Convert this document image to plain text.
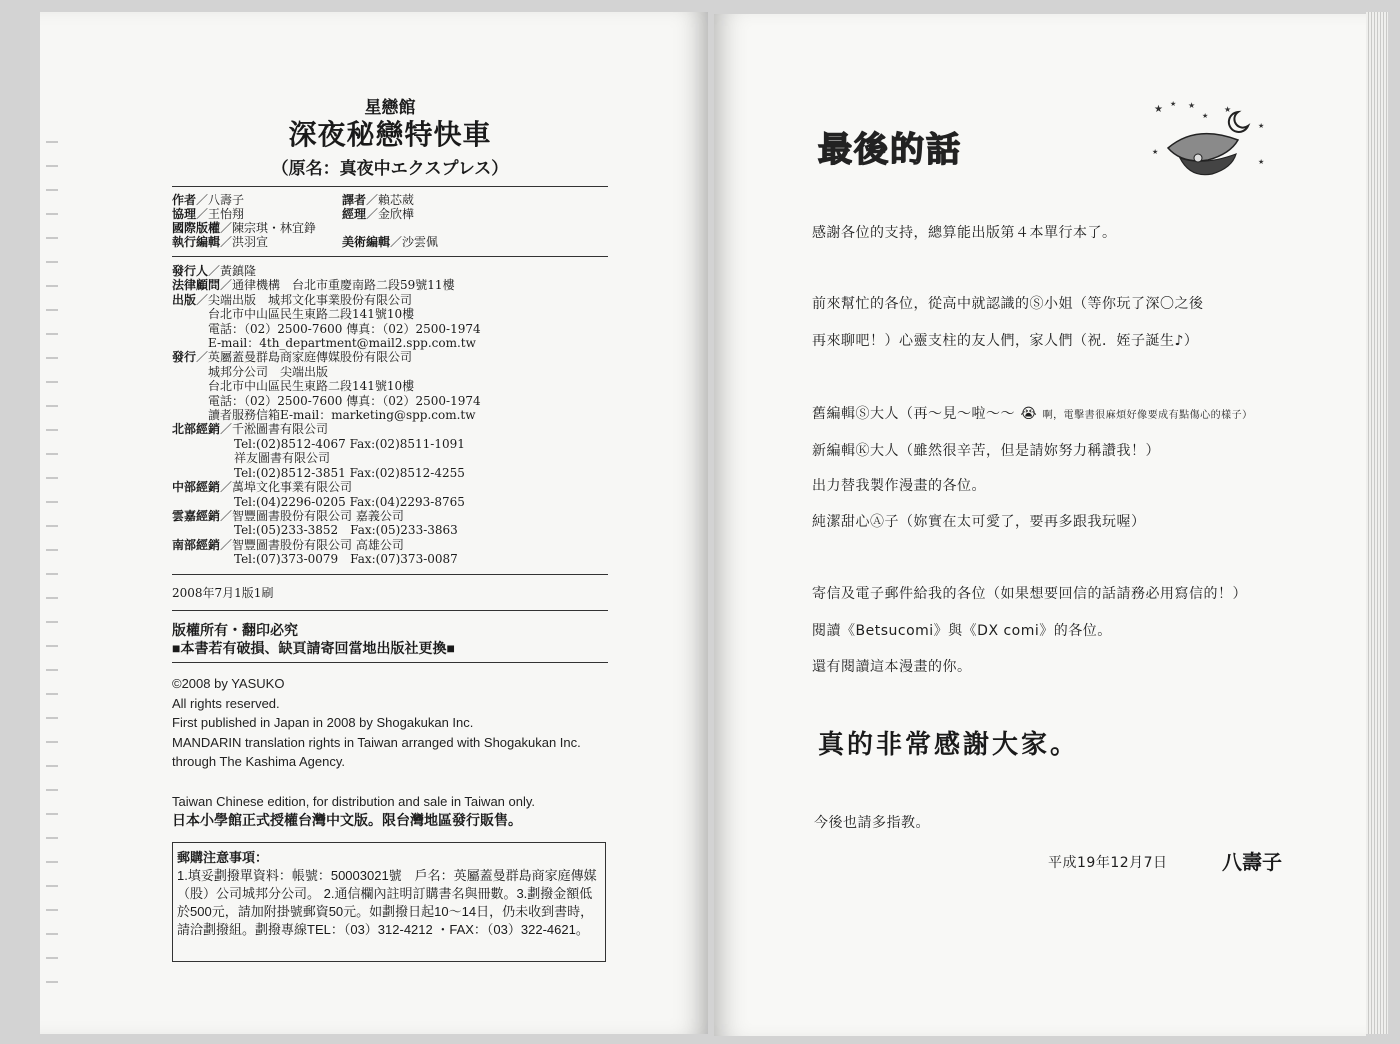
星戀館
深夜秘戀特快車
（原名：真夜中エクスプレス）
作者／八壽子	譯者／賴芯葳
協理／王怡翔	經理／金欣樺
國際版權／陳宗琪・林宜錚
執行編輯／洪羽宣	美術編輯／沙雲佩
發行人／黃鎮隆
法律顧問／通律機構　台北市重慶南路二段59號11樓
出版／尖端出版　城邦文化事業股份有限公司
台北市中山區民生東路二段141號10樓
電話：（02）2500-7600 傳真：（02）2500-1974
E-mail：4th_department@mail2.spp.com.tw
發行／英屬蓋曼群島商家庭傳媒股份有限公司
城邦分公司　尖端出版
台北市中山區民生東路二段141號10樓
電話：（02）2500-7600 傳真：（02）2500-1974
讀者服務信箱E-mail：marketing@spp.com.tw
北部經銷／千淞圖書有限公司
Tel:(02)8512-4067 Fax:(02)8511-1091
祥友圖書有限公司
Tel:(02)8512-3851 Fax:(02)8512-4255
中部經銷／萬埠文化事業有限公司
Tel:(04)2296-0205 Fax:(04)2293-8765
雲嘉經銷／智豐圖書股份有限公司 嘉義公司
Tel:(05)233-3852　Fax:(05)233-3863
南部經銷／智豐圖書股份有限公司 高雄公司
Tel:(07)373-0079　Fax:(07)373-0087
2008年7月1版1刷
版權所有・翻印必究
■本書若有破損、缺頁請寄回當地出版社更換■
©2008 by YASUKO
All rights reserved.
First published in Japan in 2008 by Shogakukan Inc.
MANDARIN translation rights in Taiwan arranged with Shogakukan Inc.
through The Kashima Agency.
Taiwan Chinese edition, for distribution and sale in Taiwan only.
日本小學館正式授權台灣中文版。限台灣地區發行販售。
郵購注意事項：
1.填妥劃撥單資料：帳號：50003021號　戶名：英屬蓋曼群島商家庭傳媒（股）公司城邦分公司。 2.通信欄內註明訂購書名與冊數。3.劃撥金額低於500元，請加附掛號郵資50元。如劃撥日起10～14日，仍未收到書時，請洽劃撥組。劃撥專線TEL：（03）312-4212 ・FAX：（03）322-4621。
最後的話
★ ★ ★
★
★
★
★
★
感謝各位的支持，總算能出版第４本單行本了。
前來幫忙的各位，從高中就認識的Ⓢ小姐（等你玩了深〇之後
再來聊吧！）心靈支柱的友人們，家人們（祝．姪子誕生♪）
舊編輯Ⓢ大人（再～見～啦～～ 😭 啊，電擊書很麻煩好像要成有點傷心的樣子）
新編輯Ⓚ大人（雖然很辛苦，但是請妳努力稱讚我！）
出力替我製作漫畫的各位。
純潔甜心Ⓐ子（妳實在太可愛了，要再多跟我玩喔）
寄信及電子郵件給我的各位（如果想要回信的話請務必用寫信的！）
閱讀《Betsucomi》與《DX comi》的各位。
還有閱讀這本漫畫的你。
真的非常感謝大家。
今後也請多指教。
平成19年12月7日	八壽子
